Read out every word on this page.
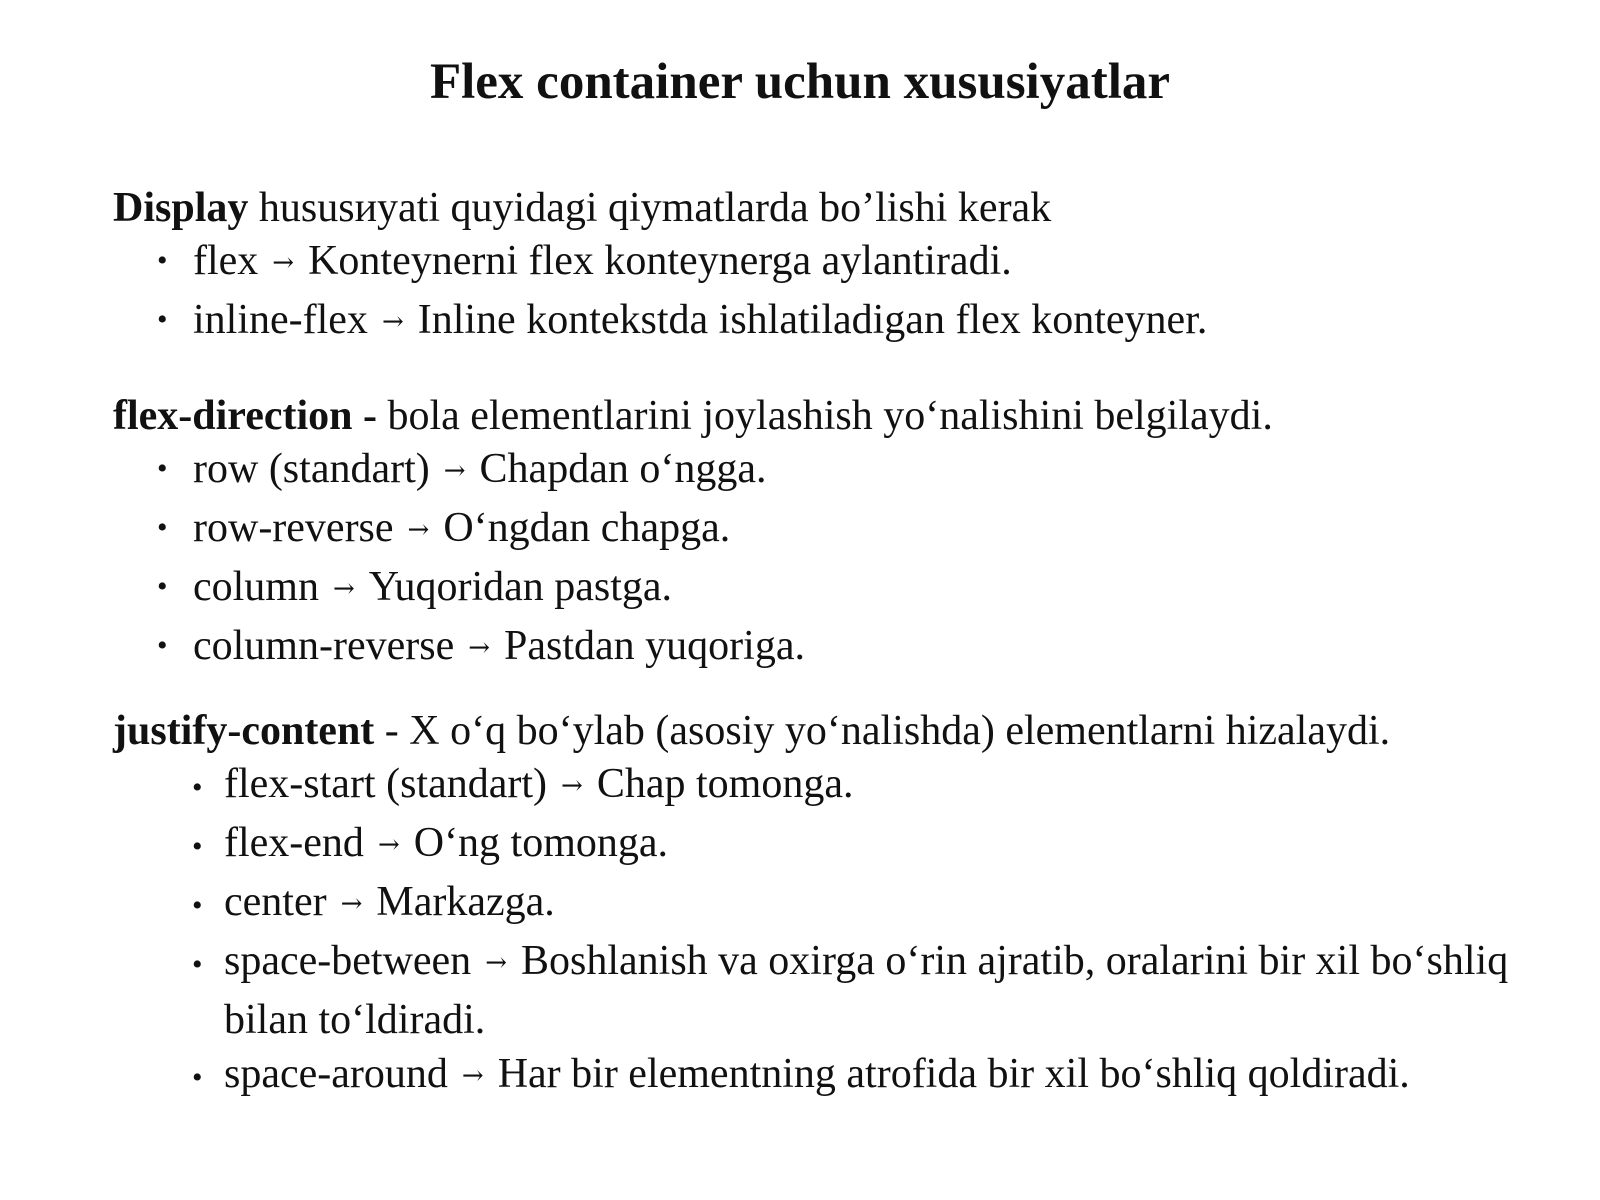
Flex container uchun xususiyatlar
Display hususиyati quyidagi qiymatlarda bo’lishi kerak
• flex → Konteynerni flex konteynerga aylantiradi.
• inline-flex → Inline kontekstda ishlatiladigan flex konteyner.
flex-direction - bola elementlarini joylashish yo‘nalishini belgilaydi.
• row (standart) → Chapdan o‘ngga.
• row-reverse → O‘ngdan chapga.
• column → Yuqoridan pastga.
• column-reverse → Pastdan yuqoriga.
justify-content - X o‘q bo‘ylab (asosiy yo‘nalishda) elementlarni hizalaydi.
• flex-start (standart) → Chap tomonga.
• flex-end → O‘ng tomonga.
• center → Markazga.
• space-between → Boshlanish va oxirga o‘rin ajratib, oralarini bir xil bo‘shliq bilan to‘ldiradi.
• space-around → Har bir elementning atrofida bir xil bo‘shliq qoldiradi.
